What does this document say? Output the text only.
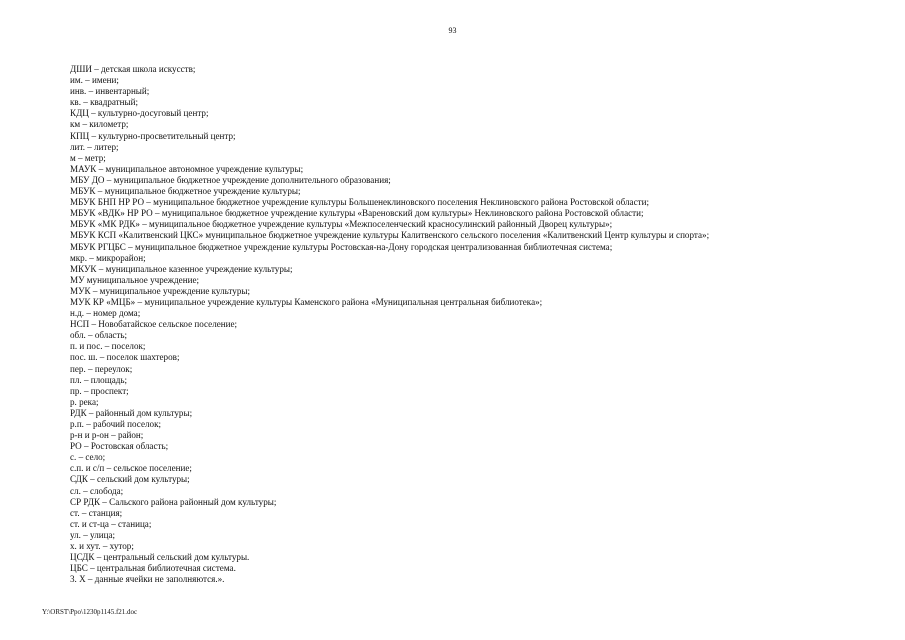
93
ДШИ – детская школа искусств;
им. – имени;
инв. – инвентарный;
кв. – квадратный;
КДЦ – культурно-досуговый центр;
км – километр;
КПЦ – культурно-просветительный центр;
лит. – литер;
м – метр;
МАУК – муниципальное автономное учреждение культуры;
МБУ ДО – муниципальное бюджетное учреждение дополнительного образования;
МБУК – муниципальное бюджетное учреждение культуры;
МБУК БНП НР РО – муниципальное бюджетное учреждение культуры Большенеклиновского поселения Неклиновского района Ростовской области;
МБУК «ВДК» НР РО – муниципальное бюджетное учреждение культуры «Вареновский дом культуры» Неклиновского района Ростовской области;
МБУК «МК РДК» – муниципальное бюджетное учреждение культуры «Межпоселенческий красносулинский районный Дворец культуры»;
МБУК КСП «Калитвенский ЦКС» муниципальное бюджетное учреждение культуры Калитвенского сельского поселения «Калитвенский Центр культуры и спорта»;
МБУК РГЦБС – муниципальное бюджетное учреждение культуры Ростовская-на-Дону городская централизованная библиотечная система;
мкр. – микрорайон;
МКУК – муниципальное казенное учреждение культуры;
МУ муниципальное учреждение;
МУК – муниципальное учреждение культуры;
МУК КР «МЦБ» – муниципальное учреждение культуры Каменского района «Муниципальная центральная библиотека»;
н.д. – номер дома;
НСП – Новобатайское сельское поселение;
обл. – область;
п. и пос. – поселок;
пос. ш. – поселок шахтеров;
пер. – переулок;
пл. – площадь;
пр. – проспект;
р. река;
РДК – районный дом культуры;
р.п. – рабочий поселок;
р-н и р-он – район;
РО – Ростовская область;
с. – село;
с.п. и с/п – сельское поселение;
СДК – сельский дом культуры;
сл. – слобода;
СР РДК – Сальского района районный дом культуры;
ст. – станция;
ст. и ст-ца – станица;
ул. – улица;
х. и хут. – хутор;
ЦСДК – центральный сельский дом культуры.
ЦБС – центральная библиотечная система.
3. Х – данные ячейки не заполняются.».
Y:\ORST\Ppo\1230p1145.f21.doc
